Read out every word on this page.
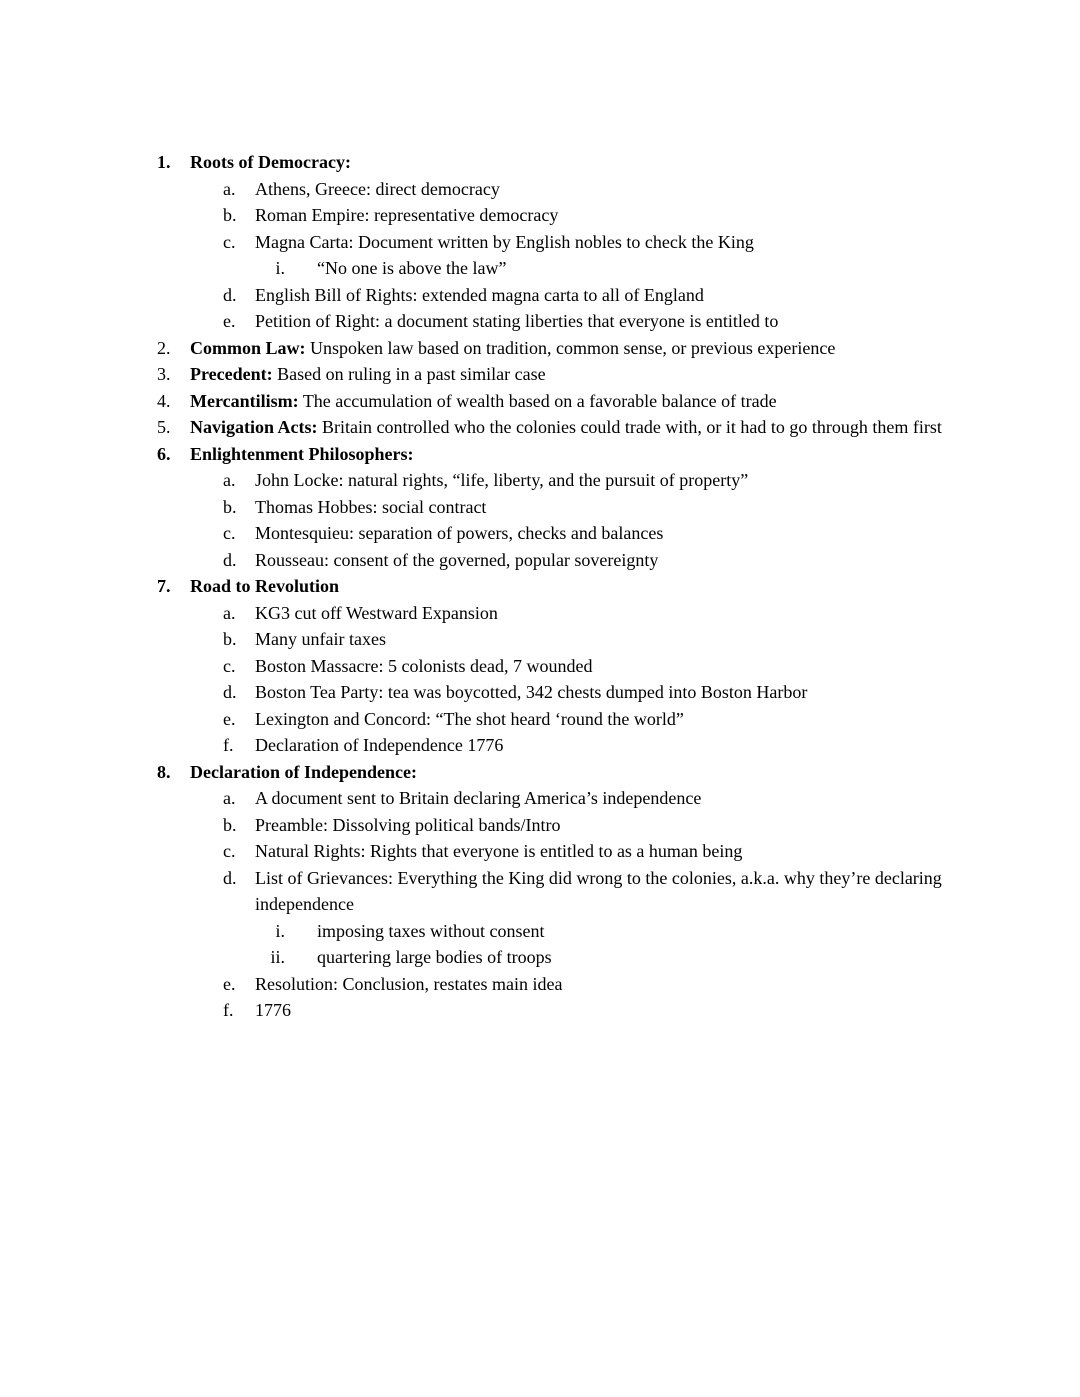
1.	Roots of Democracy:
a.	Athens, Greece: direct democracy
b.	Roman Empire: representative democracy
c.	Magna Carta: Document written by English nobles to check the King
i. “No one is above the law”
d.	English Bill of Rights: extended magna carta to all of England
e.	Petition of Right: a document stating liberties that everyone is entitled to
2.	Common Law: Unspoken law based on tradition, common sense, or previous experience
3.	Precedent: Based on ruling in a past similar case
4.	Mercantilism: The accumulation of wealth based on a favorable balance of trade
5.	Navigation Acts: Britain controlled who the colonies could trade with, or it had to go through them first
6.	Enlightenment Philosophers:
a.	John Locke: natural rights, “life, liberty, and the pursuit of property”
b.	Thomas Hobbes: social contract
c.	Montesquieu: separation of powers, checks and balances
d.	Rousseau: consent of the governed, popular sovereignty
7.	Road to Revolution
a.	KG3 cut off Westward Expansion
b.	Many unfair taxes
c.	Boston Massacre: 5 colonists dead, 7 wounded
d.	Boston Tea Party: tea was boycotted, 342 chests dumped into Boston Harbor
e.	Lexington and Concord: “The shot heard ‘round the world”
f.	Declaration of Independence 1776
8.	Declaration of Independence:
a.	A document sent to Britain declaring America’s independence
b.	Preamble: Dissolving political bands/Intro
c.	Natural Rights: Rights that everyone is entitled to as a human being
d.	List of Grievances: Everything the King did wrong to the colonies, a.k.a. why they’re declaring independence
i. imposing taxes without consent
ii. quartering large bodies of troops
e.	Resolution: Conclusion, restates main idea
f.	1776
